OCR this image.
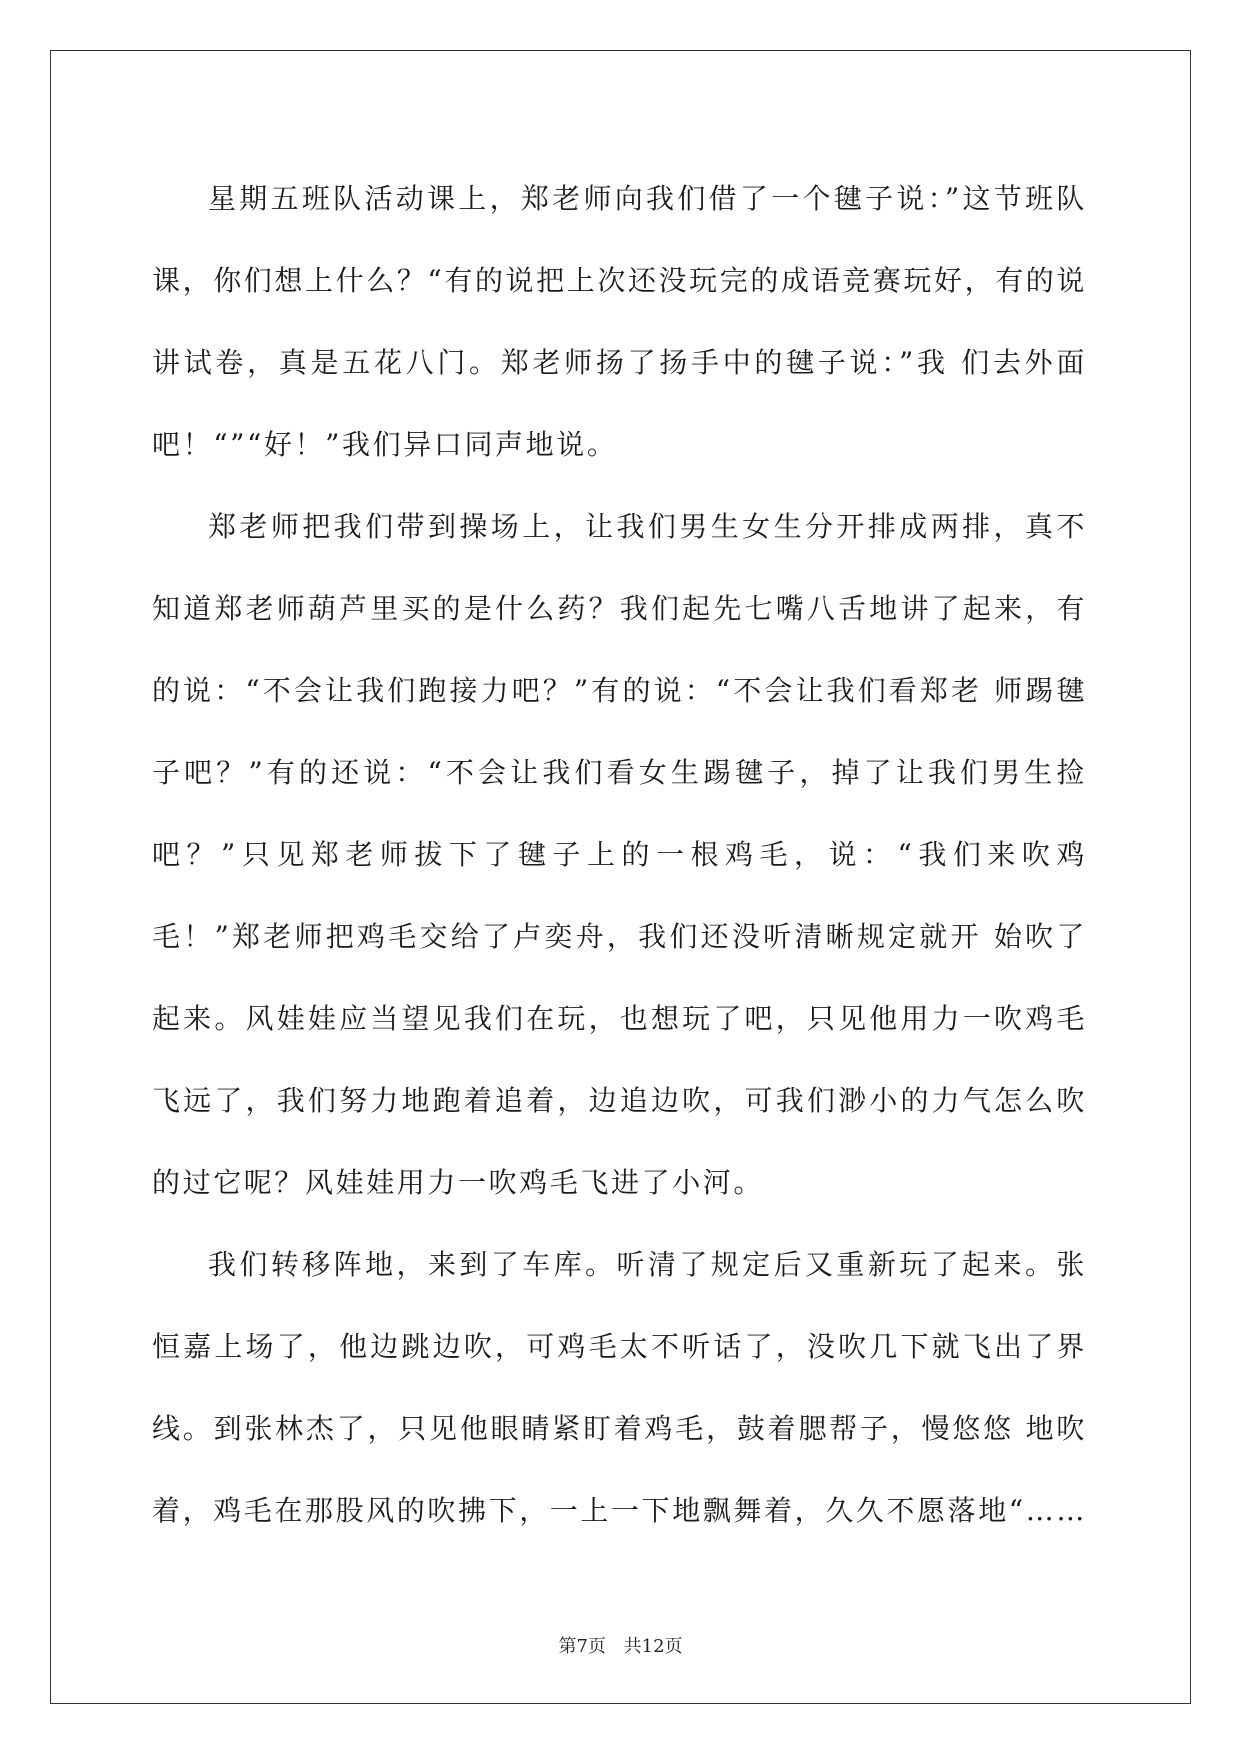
星期五班队活动课上，郑老师向我们借了一个毽子说：”这节班队课，你们想上什么？“有的说把上次还没玩完的成语竞赛玩好，有的说讲试卷，真是五花八门。郑老师扬了扬手中的毽子说：”我 们去外面吧！“”“好！”我们异口同声地说。

郑老师把我们带到操场上，让我们男生女生分开排成两排，真不知道郑老师葫芦里买的是什么药？我们起先七嘴八舌地讲了起来，有的说：“不会让我们跑接力吧？”有的说：“不会让我们看郑老 师踢毽子吧？”有的还说：“不会让我们看女生踢毽子，掉了让我们男生捡吧？”只见郑老师拔下了毽子上的一根鸡毛，说：“我们来吹鸡毛！”郑老师把鸡毛交给了卢奕舟，我们还没听清晰规定就开 始吹了起来。风娃娃应当望见我们在玩，也想玩了吧，只见他用力一吹鸡毛飞远了，我们努力地跑着追着，边追边吹，可我们渺小的力气怎么吹的过它呢？风娃娃用力一吹鸡毛飞进了小河。

我们转移阵地，来到了车库。听清了规定后又重新玩了起来。张恒嘉上场了，他边跳边吹，可鸡毛太不听话了，没吹几下就飞出了界线。到张林杰了，只见他眼睛紧盯着鸡毛，鼓着腮帮子，慢悠悠 地吹着，鸡毛在那股风的吹拂下，一上一下地飘舞着，久久不愿落地“……

第7页 共12页
